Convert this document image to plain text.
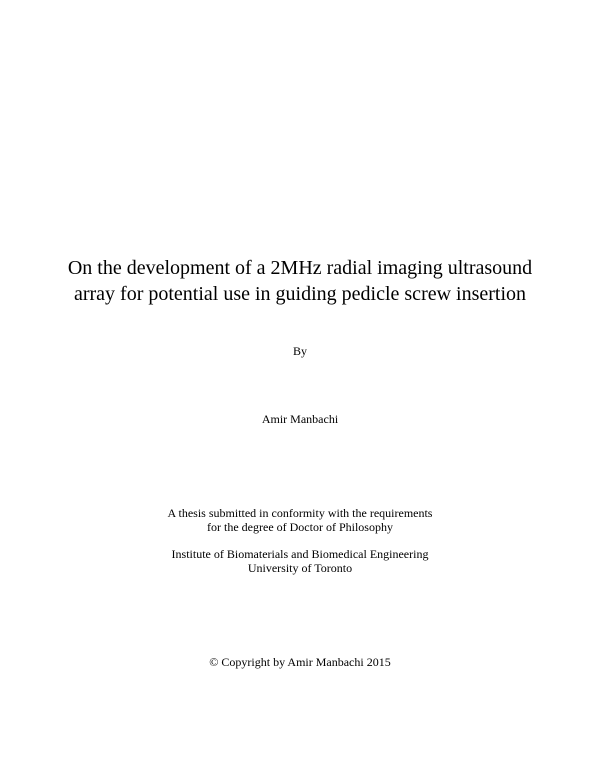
On the development of a 2MHz radial imaging ultrasound
array for potential use in guiding pedicle screw insertion
By
Amir Manbachi
A thesis submitted in conformity with the requirements
for the degree of Doctor of Philosophy
Institute of Biomaterials and Biomedical Engineering
University of Toronto
© Copyright by Amir Manbachi 2015
